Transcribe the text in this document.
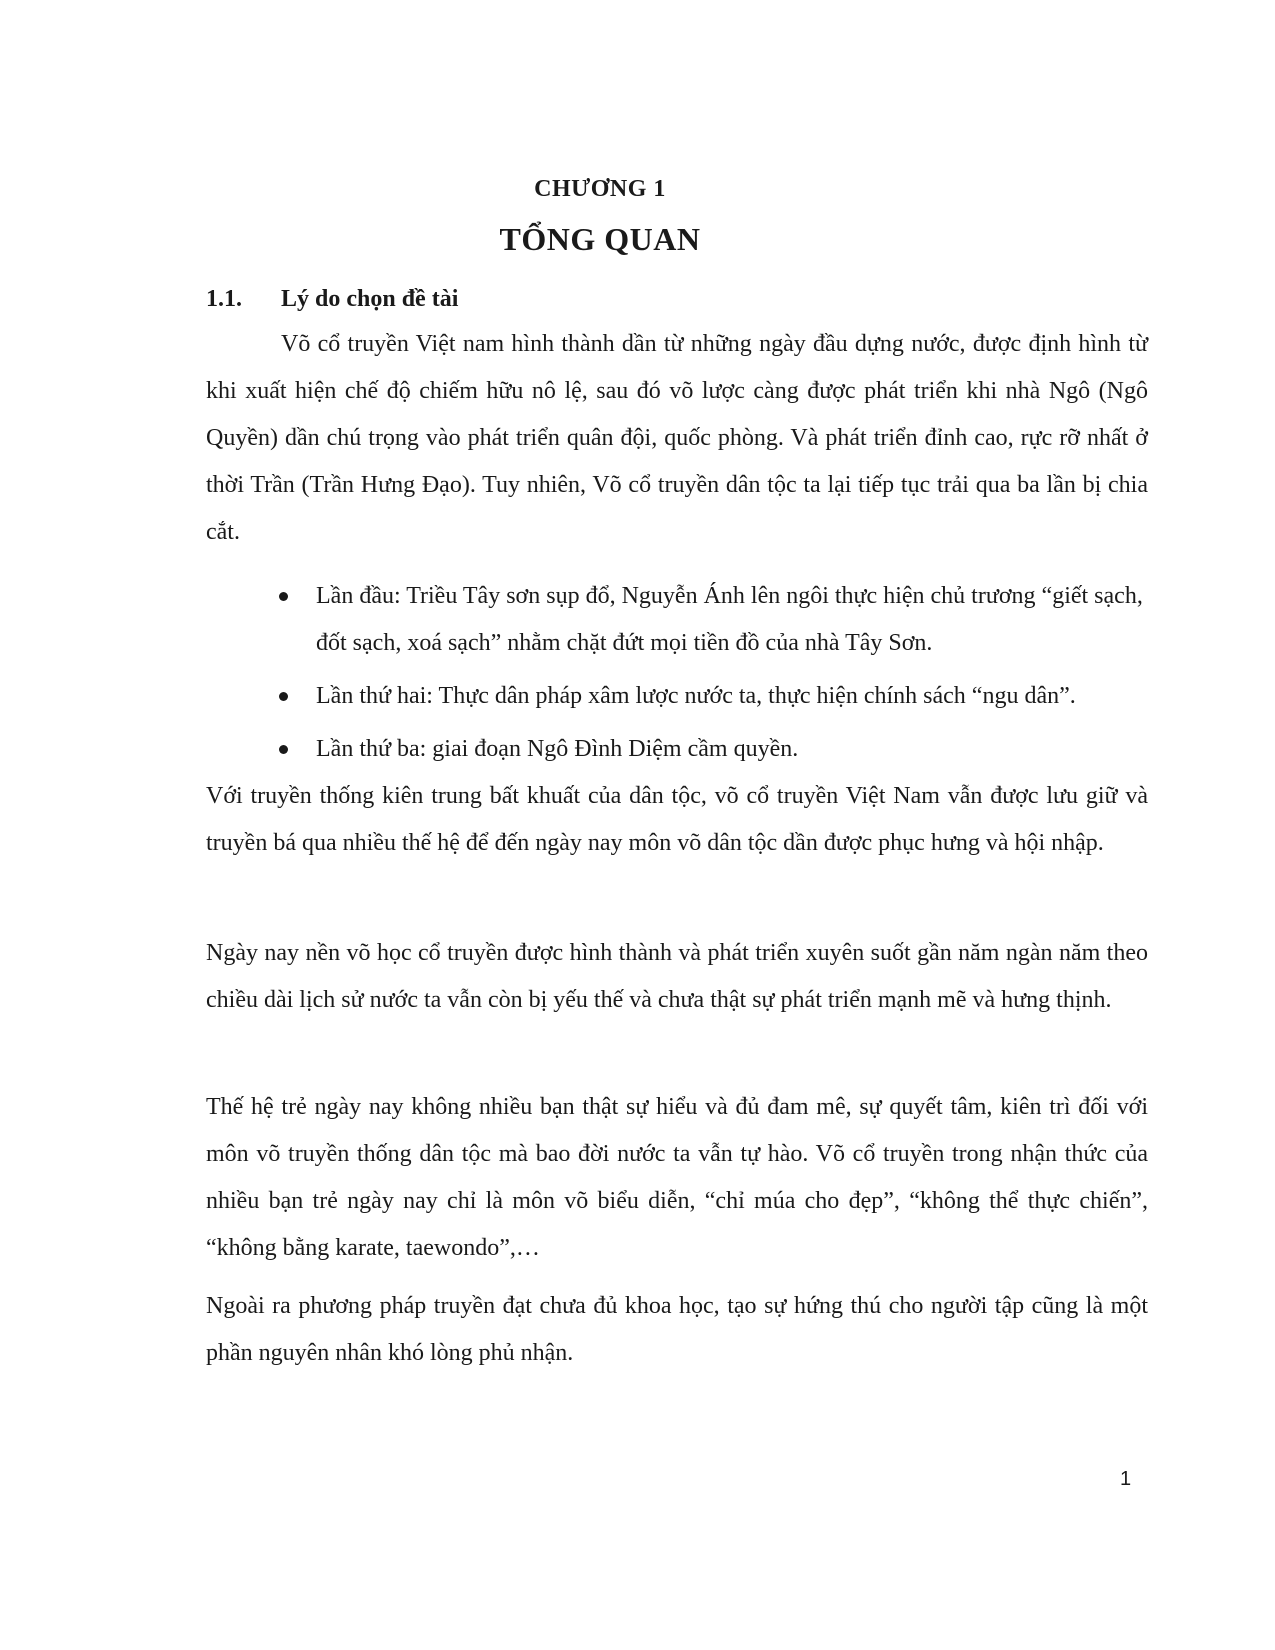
CHƯƠNG 1
TỔNG QUAN
1.1. Lý do chọn đề tài

Võ cổ truyền Việt nam hình thành dần từ những ngày đầu dựng nước, được định hình từ khi xuất hiện chế độ chiếm hữu nô lệ, sau đó võ lược càng được phát triển khi nhà Ngô (Ngô Quyền) dần chú trọng vào phát triển quân đội, quốc phòng. Và phát triển đỉnh cao, rực rỡ nhất ở thời Trần (Trần Hưng Đạo). Tuy nhiên, Võ cổ truyền dân tộc ta lại tiếp tục trải qua ba lần bị chia cắt.

Lần đầu: Triều Tây sơn sụp đổ, Nguyễn Ánh lên ngôi thực hiện chủ trương “giết sạch, đốt sạch, xoá sạch” nhằm chặt đứt mọi tiền đồ của nhà Tây Sơn.
Lần thứ hai: Thực dân pháp xâm lược nước ta, thực hiện chính sách “ngu dân”.
Lần thứ ba: giai đoạn Ngô Đình Diệm cầm quyền.

Với truyền thống kiên trung bất khuất của dân tộc, võ cổ truyền Việt Nam vẫn được lưu giữ và truyền bá qua nhiều thế hệ để đến ngày nay môn võ dân tộc dần được phục hưng và hội nhập.

Ngày nay nền võ học cổ truyền được hình thành và phát triển xuyên suốt gần năm ngàn năm theo chiều dài lịch sử nước ta vẫn còn bị yếu thế và chưa thật sự phát triển mạnh mẽ và hưng thịnh.

Thế hệ trẻ ngày nay không nhiều bạn thật sự hiểu và đủ đam mê, sự quyết tâm, kiên trì đối với môn võ truyền thống dân tộc mà bao đời nước ta vẫn tự hào. Võ cổ truyền trong nhận thức của nhiều bạn trẻ ngày nay chỉ là môn võ biểu diễn, “chỉ múa cho đẹp”, “không thể thực chiến”, “không bằng karate, taewondo”,…

Ngoài ra phương pháp truyền đạt chưa đủ khoa học, tạo sự hứng thú cho người tập cũng là một phần nguyên nhân khó lòng phủ nhận.

1
